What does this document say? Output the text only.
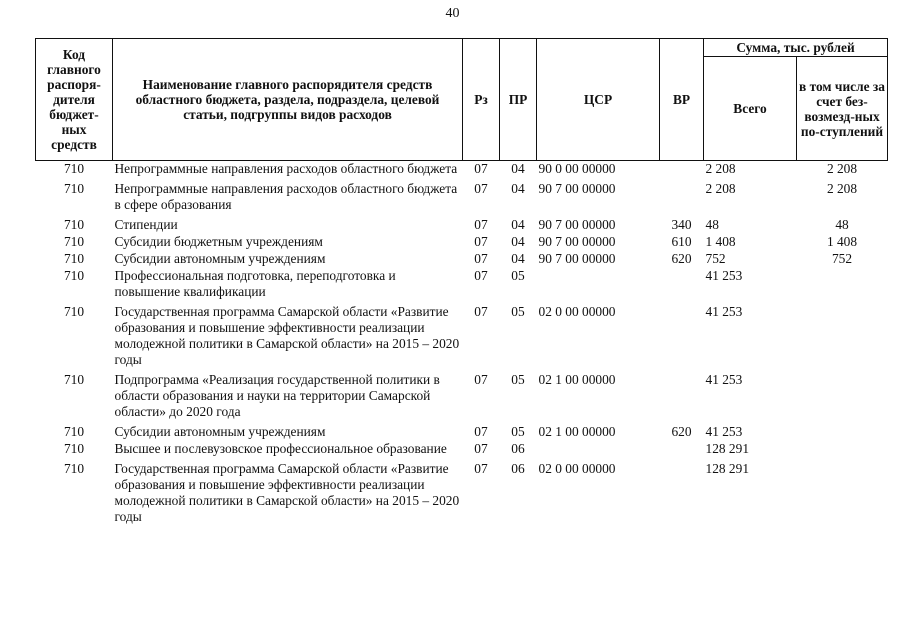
40
Код главного распоря-дителя бюджет-ных средств	Наименование главного распорядителя средств областного бюджета, раздела, подраздела, целевой статьи, подгруппы видов расходов	Рз	ПР	ЦСР	ВР	Сумма, тыс. рублей	
						Всего	в том числе за счет без-возмезд-ных по-ступлений
710	Непрограммные направления расходов областного бюджета	07	04	90 0 00 00000		2 208	2 208
710	Непрограммные направления расходов областного бюджета в сфере образования	07	04	90 7 00 00000		2 208	2 208
710	Стипендии	07	04	90 7 00 00000	340	48	48
710	Субсидии бюджетным учреждениям	07	04	90 7 00 00000	610	1 408	1 408
710	Субсидии автономным учреждениям	07	04	90 7 00 00000	620	752	752
710	Профессиональная подготовка, переподготовка и повышение квалификации	07	05			41 253	
710	Государственная программа Самарской области «Развитие образования и повышение эффективности реализации молодежной политики в Самарской области» на 2015 – 2020 годы	07	05	02 0 00 00000		41 253	
710	Подпрограмма «Реализация государственной политики в области образования и науки на территории Самарской области» до 2020 года	07	05	02 1 00 00000		41 253	
710	Субсидии автономным учреждениям	07	05	02 1 00 00000	620	41 253	
710	Высшее и послевузовское профессиональное образование	07	06			128 291	
710	Государственная программа Самарской области «Развитие образования и повышение эффективности реализации молодежной политики в Самарской области» на 2015 – 2020 годы	07	06	02 0 00 00000		128 291	
